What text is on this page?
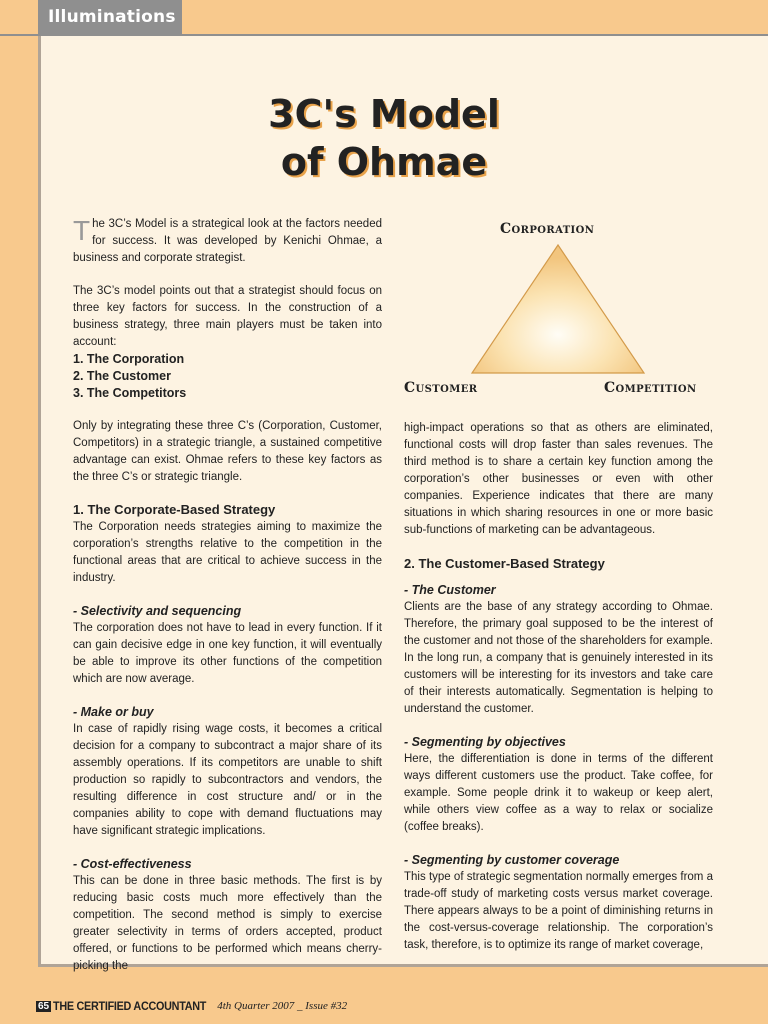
Illuminations
3C's Model
of Ohmae
Corporation
Customer	Competition

The 3C’s Model is a strategical look at the factors needed for success. It was developed by Kenichi Ohmae, a business and corporate strategist.

The 3C’s model points out that a strategist should focus on three key factors for success. In the construction of a business strategy, three main players must be taken into account:

1. The Corporation
2. The Customer
3. The Competitors

Only by integrating these three C’s (Corporation, Customer, Competitors) in a strategic triangle, a sustained competitive advantage can exist. Ohmae refers to these key factors as the three C’s or strategic triangle.

1. The Corporate-Based Strategy

The Corporation needs strategies aiming to maximize the corporation’s strengths relative to the competition in the functional areas that are critical to achieve success in the industry.

- Selectivity and sequencing

The corporation does not have to lead in every function. If it can gain decisive edge in one key function, it will eventually be able to improve its other functions of the competition which are now average.

- Make or buy

In case of rapidly rising wage costs, it becomes a critical decision for a company to subcontract a major share of its assembly operations. If its competitors are unable to shift production so rapidly to subcontractors and vendors, the resulting difference in cost structure and/ or in the companies ability to cope with demand fluctuations may have significant strategic implications.

- Cost-effectiveness

This can be done in three basic methods. The first is by reducing basic costs much more effectively than the competition. The second method is simply to exercise greater selectivity in terms of orders accepted, product offered, or functions to be performed which means cherry-picking the

high-impact operations so that as others are eliminated, functional costs will drop faster than sales revenues. The third method is to share a certain key function among the corporation’s other businesses or even with other companies. Experience indicates that there are many situations in which sharing resources in one or more basic sub-functions of marketing can be advantageous.

2. The Customer-Based Strategy
- The Customer

Clients are the base of any strategy according to Ohmae. Therefore, the primary goal supposed to be the interest of the customer and not those of the shareholders for example. In the long run, a company that is genuinely interested in its customers will be interesting for its investors and take care of their interests automatically. Segmentation is helping to understand the customer.

- Segmenting by objectives

Here, the differentiation is done in terms of the different ways different customers use the product. Take coffee, for example. Some people drink it to wakeup or keep alert, while others view coffee as a way to relax or socialize (coffee breaks).

- Segmenting by customer coverage

This type of strategic segmentation normally emerges from a trade-off study of marketing costs versus market coverage. There appears always to be a point of diminishing returns in the cost-versus-coverage relationship. The corporation’s task, therefore, is to optimize its range of market coverage,

65 THE CERTIFIED ACCOUNTANT 4th Quarter 2007 _ Issue #32
